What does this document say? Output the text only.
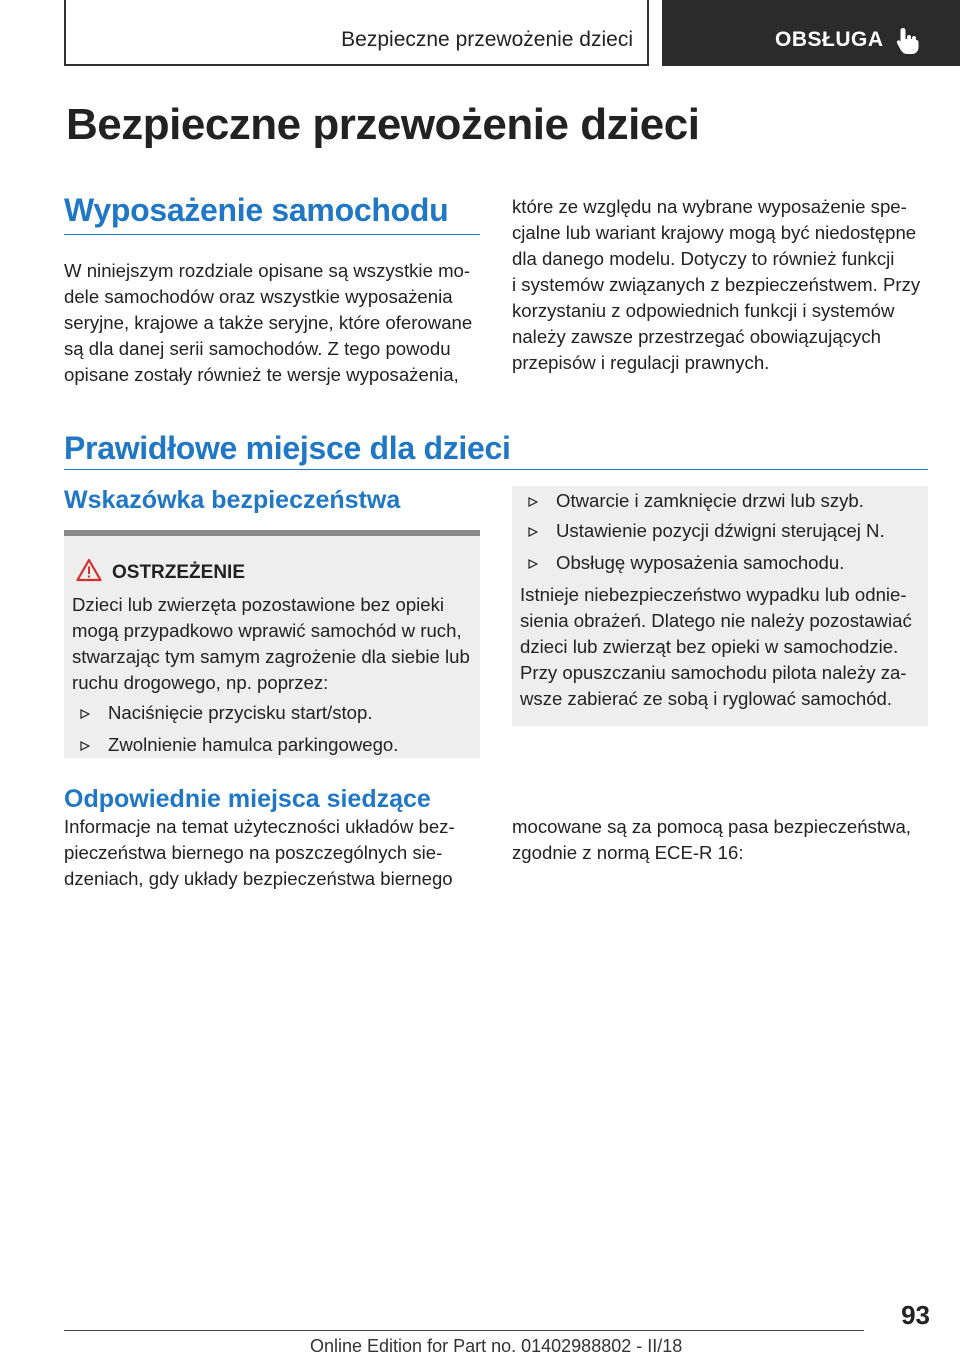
Bezpieczne przewożenie dzieci	OBSŁUGA
Bezpieczne przewożenie dzieci
Wyposażenie samochodu
W niniejszym rozdziale opisane są wszystkie mo-
dele samochodów oraz wszystkie wyposażenia
seryjne, krajowe a także seryjne, które oferowane
są dla danej serii samochodów. Z tego powodu
opisane zostały również te wersje wyposażenia,
które ze względu na wybrane wyposażenie spe-
cjalne lub wariant krajowy mogą być niedostępne
dla danego modelu. Dotyczy to również funkcji
i systemów związanych z bezpieczeństwem. Przy
korzystaniu z odpowiednich funkcji i systemów
należy zawsze przestrzegać obowiązujących
przepisów i regulacji prawnych.
Prawidłowe miejsce dla dzieci
Wskazówka bezpieczeństwa
OSTRZEŻENIE
Dzieci lub zwierzęta pozostawione bez opieki
mogą przypadkowo wprawić samochód w ruch,
stwarzając tym samym zagrożenie dla siebie lub
ruchu drogowego, np. poprzez:
Naciśnięcie przycisku start/stop.
Zwolnienie hamulca parkingowego.
Otwarcie i zamknięcie drzwi lub szyb.
Ustawienie pozycji dźwigni sterującej N.
Obsługę wyposażenia samochodu.
Istnieje niebezpieczeństwo wypadku lub odnie-
sienia obrażeń. Dlatego nie należy pozostawiać
dzieci lub zwierząt bez opieki w samochodzie.
Przy opuszczaniu samochodu pilota należy za-
wsze zabierać ze sobą i ryglować samochód.
Odpowiednie miejsca siedzące
Informacje na temat użyteczności układów bez-
pieczeństwa biernego na poszczególnych sie-
dzeniach, gdy układy bezpieczeństwa biernego
mocowane są za pomocą pasa bezpieczeństwa,
zgodnie z normą ECE-R 16:
93
Online Edition for Part no. 01402988802 - II/18
